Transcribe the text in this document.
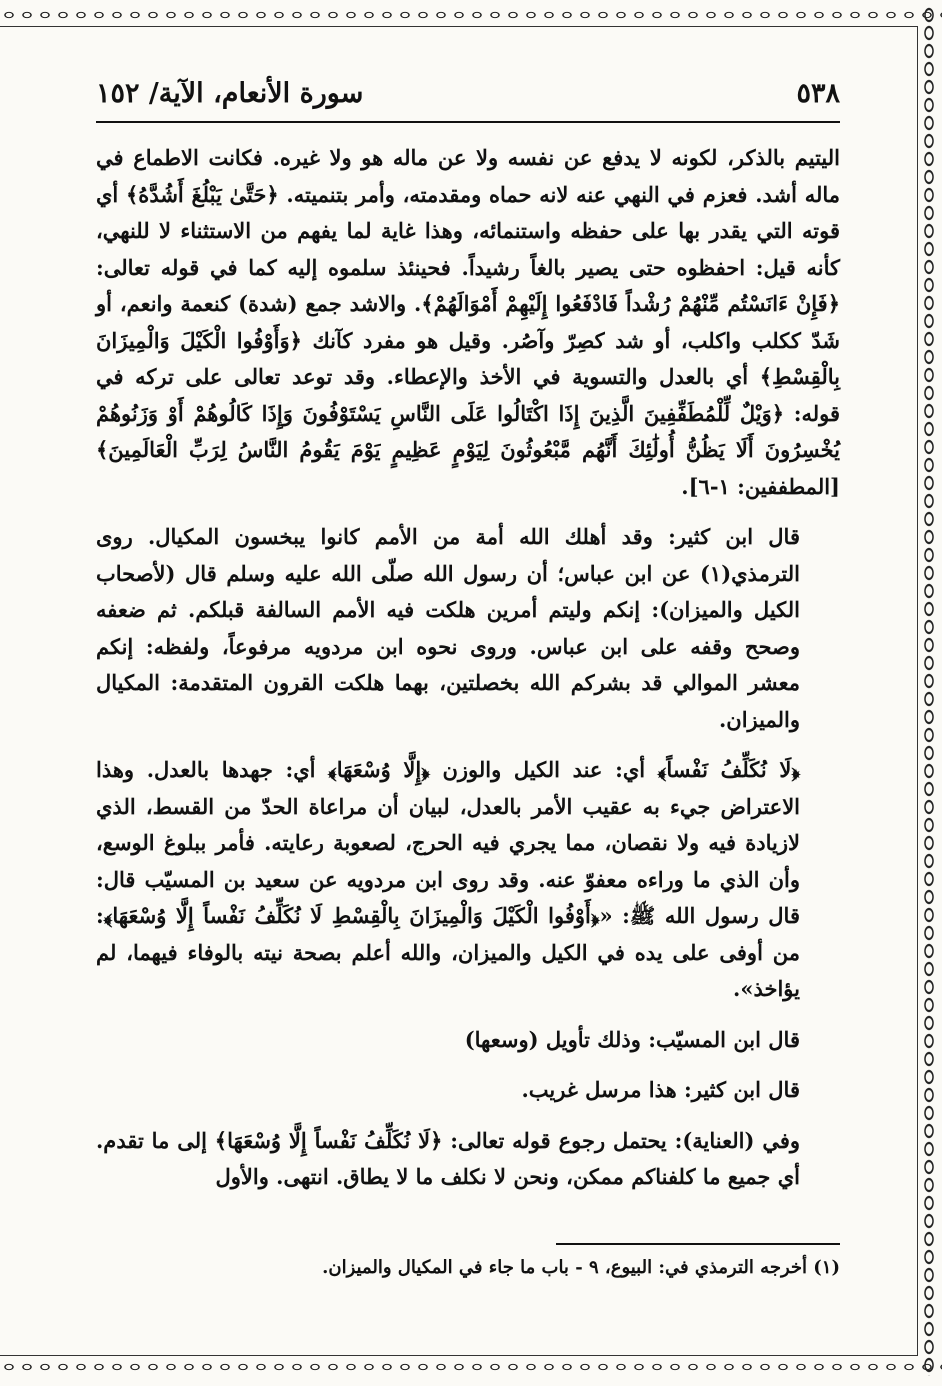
٥٣٨
سورة الأنعام، الآية/ ١٥٢

اليتيم بالذكر، لكونه لا يدفع عن نفسه ولا عن ماله هو ولا غيره. فكانت الاطماع في ماله أشد. فعزم في النهي عنه لانه حماه ومقدمته، وأمر بتنميته. ﴿حَتَّىٰ يَبْلُغَ أَشُدَّهُ﴾ أي قوته التي يقدر بها على حفظه واستنمائه، وهذا غاية لما يفهم من الاستثناء لا للنهي، كأنه قيل: احفظوه حتى يصير بالغاً رشيداً. فحينئذ سلموه إليه كما في قوله تعالى: ﴿فَإِنْ ءَانَسْتُم مِّنْهُمْ رُشْداً فَادْفَعُوا إِلَيْهِمْ أَمْوَالَهُمْ﴾. والاشد جمع (شدة) كنعمة وانعم، أو شَدّ ككلب واكلب، أو شد كصِرّ وآصُر. وقيل هو مفرد كآنك ﴿وَأَوْفُوا الْكَيْلَ وَالْمِيزَانَ بِالْقِسْطِ﴾ أي بالعدل والتسوية في الأخذ والإعطاء. وقد توعد تعالى على تركه في قوله: ﴿وَيْلٌ لِّلْمُطَفِّفِينَ الَّذِينَ إِذَا اكْتَالُوا عَلَى النَّاسِ يَسْتَوْفُونَ وَإِذَا كَالُوهُمْ أَوْ وَزَنُوهُمْ يُخْسِرُونَ أَلَا يَظُنُّ أُولَٰئِكَ أَنَّهُم مَّبْعُوثُونَ لِيَوْمٍ عَظِيمٍ يَوْمَ يَقُومُ النَّاسُ لِرَبِّ الْعَالَمِينَ﴾ [المطففين: ١-٦].

قال ابن كثير: وقد أهلك الله أمة من الأمم كانوا يبخسون المكيال. روى الترمذي(١) عن ابن عباس؛ أن رسول الله صلّى الله عليه وسلم قال (لأصحاب الكيل والميزان): إنكم وليتم أمرين هلكت فيه الأمم السالفة قبلكم. ثم ضعفه وصحح وقفه على ابن عباس. وروى نحوه ابن مردويه مرفوعاً، ولفظه: إنكم معشر الموالي قد بشركم الله بخصلتين، بهما هلكت القرون المتقدمة: المكيال والميزان.

﴿لَا نُكَلِّفُ نَفْساً﴾ أي: عند الكيل والوزن ﴿إِلَّا وُسْعَهَا﴾ أي: جهدها بالعدل. وهذا الاعتراض جيء به عقيب الأمر بالعدل، لبيان أن مراعاة الحدّ من القسط، الذي لازيادة فيه ولا نقصان، مما يجري فيه الحرج، لصعوبة رعايته. فأمر ببلوغ الوسع، وأن الذي ما وراءه معفوّ عنه. وقد روى ابن مردويه عن سعيد بن المسيّب قال: قال رسول الله ﷺ: «﴿أَوْفُوا الْكَيْلَ وَالْمِيزَانَ بِالْقِسْطِ لَا نُكَلِّفُ نَفْساً إِلَّا وُسْعَهَا﴾: من أوفى على يده في الكيل والميزان، والله أعلم بصحة نيته بالوفاء فيهما، لم يؤاخذ».

قال ابن المسيّب: وذلك تأويل (وسعها)

قال ابن كثير: هذا مرسل غريب.

وفي (العناية): يحتمل رجوع قوله تعالى: ﴿لَا نُكَلِّفُ نَفْساً إِلَّا وُسْعَهَا﴾ إلى ما تقدم. أي جميع ما كلفناكم ممكن، ونحن لا نكلف ما لا يطاق. انتهى. والأول

(١) أخرجه الترمذي في: البيوع، ٩ - باب ما جاء في المكيال والميزان.
